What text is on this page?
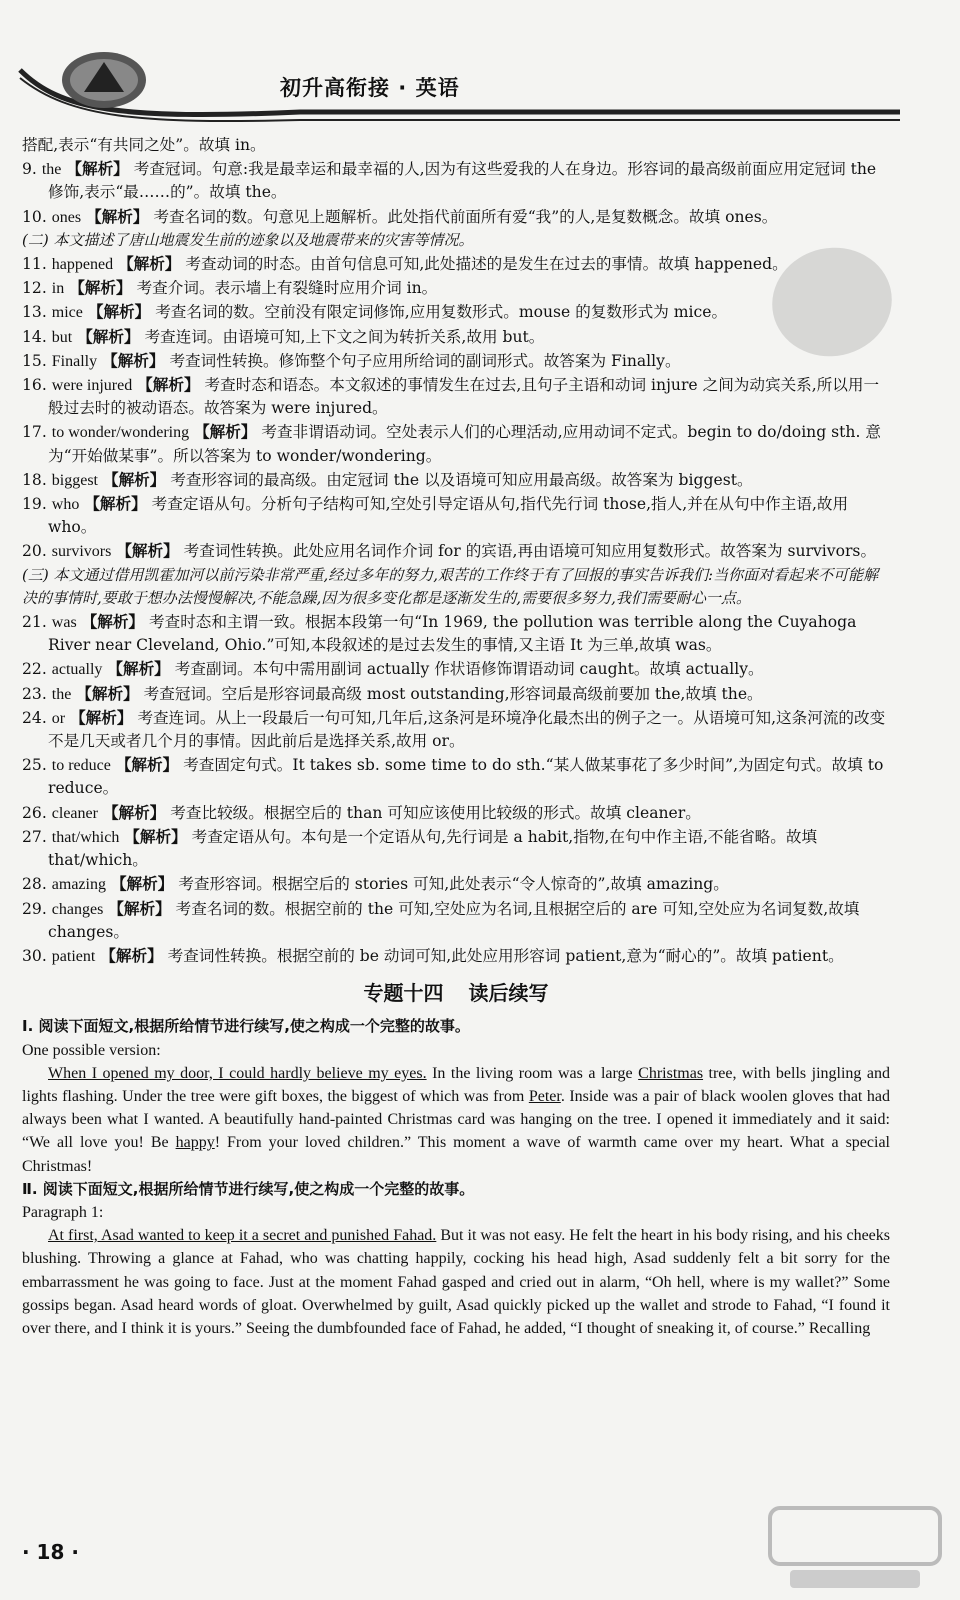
初升高衔接 · 英语

搭配,表示“有共同之处”。故填 in。

9. the 【解析】 考查冠词。句意:我是最幸运和最幸福的人,因为有这些爱我的人在身边。形容词的最高级前面应用定冠词 the 修饰,表示“最……的”。故填 the。

10. ones 【解析】 考查名词的数。句意见上题解析。此处指代前面所有爱“我”的人,是复数概念。故填 ones。

(二) 本文描述了唐山地震发生前的迹象以及地震带来的灾害等情况。

11. happened 【解析】 考查动词的时态。由首句信息可知,此处描述的是发生在过去的事情。故填 happened。

12. in 【解析】 考查介词。表示墙上有裂缝时应用介词 in。

13. mice 【解析】 考查名词的数。空前没有限定词修饰,应用复数形式。mouse 的复数形式为 mice。

14. but 【解析】 考查连词。由语境可知,上下文之间为转折关系,故用 but。

15. Finally 【解析】 考查词性转换。修饰整个句子应用所给词的副词形式。故答案为 Finally。

16. were injured 【解析】 考查时态和语态。本文叙述的事情发生在过去,且句子主语和动词 injure 之间为动宾关系,所以用一般过去时的被动语态。故答案为 were injured。

17. to wonder/wondering 【解析】 考查非谓语动词。空处表示人们的心理活动,应用动词不定式。begin to do/doing sth. 意为“开始做某事”。所以答案为 to wonder/wondering。

18. biggest 【解析】 考查形容词的最高级。由定冠词 the 以及语境可知应用最高级。故答案为 biggest。

19. who 【解析】 考查定语从句。分析句子结构可知,空处引导定语从句,指代先行词 those,指人,并在从句中作主语,故用 who。

20. survivors 【解析】 考查词性转换。此处应用名词作介词 for 的宾语,再由语境可知应用复数形式。故答案为 survivors。

(三) 本文通过借用凯霍加河以前污染非常严重,经过多年的努力,艰苦的工作终于有了回报的事实告诉我们:当你面对看起来不可能解决的事情时,要敢于想办法慢慢解决,不能急躁,因为很多变化都是逐渐发生的,需要很多努力,我们需要耐心一点。

21. was 【解析】 考查时态和主谓一致。根据本段第一句“In 1969, the pollution was terrible along the Cuyahoga River near Cleveland, Ohio.”可知,本段叙述的是过去发生的事情,又主语 It 为三单,故填 was。

22. actually 【解析】 考查副词。本句中需用副词 actually 作状语修饰谓语动词 caught。故填 actually。

23. the 【解析】 考查冠词。空后是形容词最高级 most outstanding,形容词最高级前要加 the,故填 the。

24. or 【解析】 考查连词。从上一段最后一句可知,几年后,这条河是环境净化最杰出的例子之一。从语境可知,这条河流的改变不是几天或者几个月的事情。因此前后是选择关系,故用 or。

25. to reduce 【解析】 考查固定句式。It takes sb. some time to do sth.“某人做某事花了多少时间”,为固定句式。故填 to reduce。

26. cleaner 【解析】 考查比较级。根据空后的 than 可知应该使用比较级的形式。故填 cleaner。

27. that/which 【解析】 考查定语从句。本句是一个定语从句,先行词是 a habit,指物,在句中作主语,不能省略。故填 that/which。

28. amazing 【解析】 考查形容词。根据空后的 stories 可知,此处表示“令人惊奇的”,故填 amazing。

29. changes 【解析】 考查名词的数。根据空前的 the 可知,空处应为名词,且根据空后的 are 可知,空处应为名词复数,故填 changes。

30. patient 【解析】 考查词性转换。根据空前的 be 动词可知,此处应用形容词 patient,意为“耐心的”。故填 patient。

专题十四 读后续写

Ⅰ. 阅读下面短文,根据所给情节进行续写,使之构成一个完整的故事。

One possible version:

When I opened my door, I could hardly believe my eyes. In the living room was a large Christmas tree, with bells jingling and lights flashing. Under the tree were gift boxes, the biggest of which was from Peter. Inside was a pair of black woolen gloves that had always been what I wanted. A beautifully hand-painted Christmas card was hanging on the tree. I opened it immediately and it said: “We all love you! Be happy! From your loved children.” This moment a wave of warmth came over my heart. What a special Christmas!

Ⅱ. 阅读下面短文,根据所给情节进行续写,使之构成一个完整的故事。

Paragraph 1:

At first, Asad wanted to keep it a secret and punished Fahad. But it was not easy. He felt the heart in his body rising, and his cheeks blushing. Throwing a glance at Fahad, who was chatting happily, cocking his head high, Asad suddenly felt a bit sorry for the embarrassment he was going to face. Just at the moment Fahad gasped and cried out in alarm, “Oh hell, where is my wallet?” Some gossips began. Asad heard words of gloat. Overwhelmed by guilt, Asad quickly picked up the wallet and strode to Fahad, “I found it over there, and I think it is yours.” Seeing the dumbfounded face of Fahad, he added, “I thought of sneaking it, of course.” Recalling

· 18 ·
